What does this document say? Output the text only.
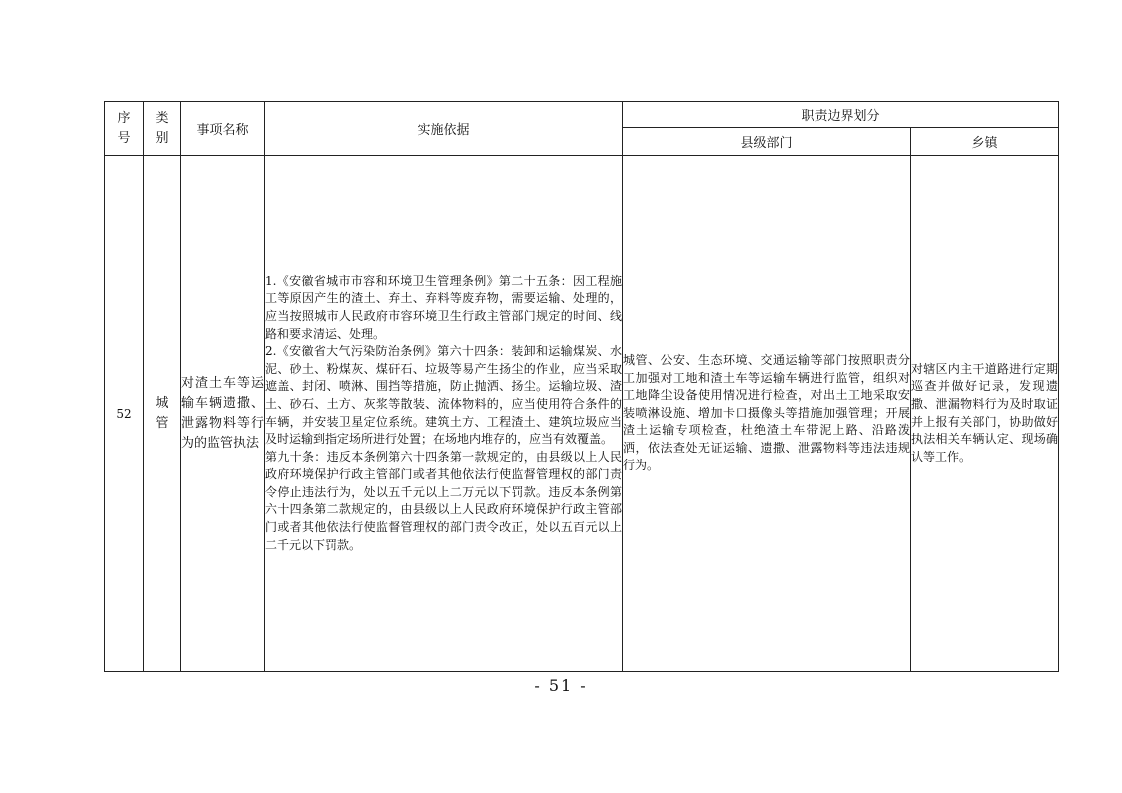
序号	类别	事项名称	实施依据	职责边界划分	
				县级部门	乡镇
52	城管	对渣土车等运输车辆遗撒、泄露物料等行为的监管执法	1.《安徽省城市市容和环境卫生管理条例》第二十五条：因工程施工等原因产生的渣土、弃土、弃料等废弃物，需要运输、处理的，应当按照城市人民政府市容环境卫生行政主管部门规定的时间、线路和要求清运、处理。
2.《安徽省大气污染防治条例》第六十四条：装卸和运输煤炭、水泥、砂土、粉煤灰、煤矸石、垃圾等易产生扬尘的作业，应当采取遮盖、封闭、喷淋、围挡等措施，防止抛洒、扬尘。运输垃圾、渣土、砂石、土方、灰浆等散装、流体物料的，应当使用符合条件的车辆，并安装卫星定位系统。建筑土方、工程渣土、建筑垃圾应当及时运输到指定场所进行处置；在场地内堆存的，应当有效覆盖。
第九十条：违反本条例第六十四条第一款规定的，由县级以上人民政府环境保护行政主管部门或者其他依法行使监督管理权的部门责令停止违法行为，处以五千元以上二万元以下罚款。违反本条例第六十四条第二款规定的，由县级以上人民政府环境保护行政主管部门或者其他依法行使监督管理权的部门责令改正，处以五百元以上二千元以下罚款。	城管、公安、生态环境、交通运输等部门按照职责分工加强对工地和渣土车等运输车辆进行监管，组织对工地降尘设备使用情况进行检查，对出土工地采取安装喷淋设施、增加卡口摄像头等措施加强管理；开展渣土运输专项检查，杜绝渣土车带泥上路、沿路泼洒，依法查处无证运输、遗撒、泄露物料等违法违规行为。	对辖区内主干道路进行定期巡查并做好记录，发现遗撒、泄漏物料行为及时取证并上报有关部门，协助做好执法相关车辆认定、现场确认等工作。
- 51 -
